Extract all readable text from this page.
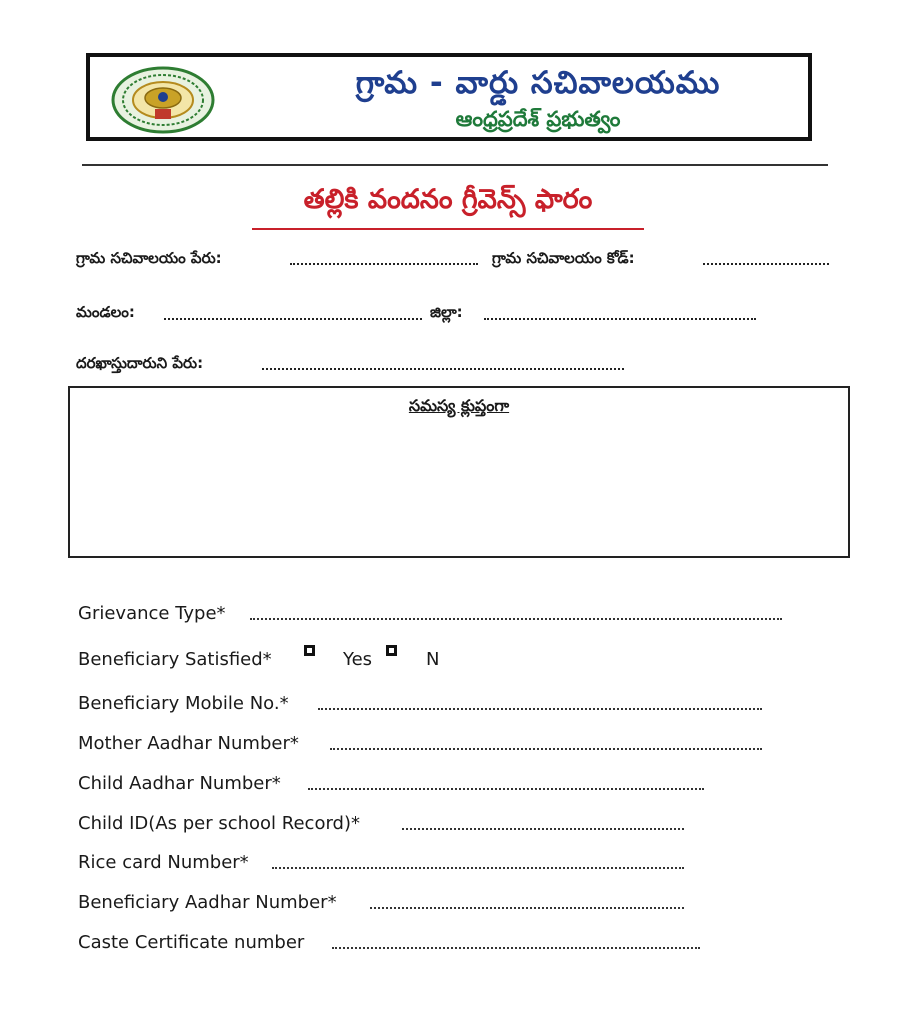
గ్రామ - వార్డు సచివాలయము
ఆంధ్రప్రదేశ్ ప్రభుత్వం
తల్లికి వందనం గ్రీవెన్స్ ఫారం
గ్రామ సచివాలయం పేరు:	గ్రామ సచివాలయం కోడ్:
మండలం:	జిల్లా:
దరఖాస్తుదారుని పేరు:
సమస్య క్లుప్తంగా
Grievance Type*
Beneficiary Satisfied*	Yes	N
Beneficiary Mobile No.*
Mother Aadhar Number*
Child Aadhar Number*
Child ID(As per school Record)*
Rice card Number*
Beneficiary Aadhar Number*
Caste Certificate number
